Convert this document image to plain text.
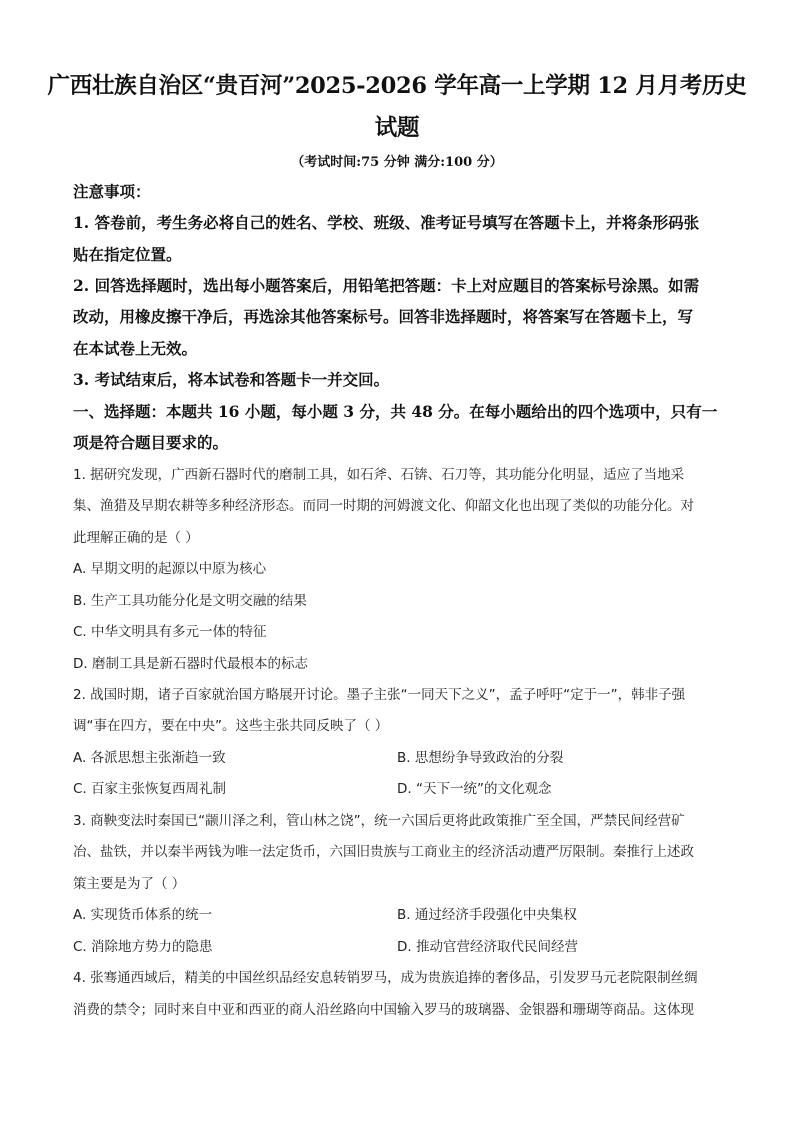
广西壮族自治区“贵百河”2025-2026 学年高一上学期 12 月月考历史
试题
（考试时间:75 分钟 满分:100 分）
注意事项：
1. 答卷前，考生务必将自己的姓名、学校、班级、准考证号填写在答题卡上，并将条形码张
贴在指定位置。
2. 回答选择题时，选出每小题答案后，用铅笔把答题：卡上对应题目的答案标号涂黑。如需
改动，用橡皮擦干净后，再选涂其他答案标号。回答非选择题时，将答案写在答题卡上，写
在本试卷上无效。
3. 考试结束后，将本试卷和答题卡一并交回。
一、选择题：本题共 16 小题，每小题 3 分，共 48 分。在每小题给出的四个选项中，只有一
项是符合题目要求的。
1. 据研究发现，广西新石器时代的磨制工具，如石斧、石锛、石刀等，其功能分化明显，适应了当地采
集、渔猎及早期农耕等多种经济形态。而同一时期的河姆渡文化、仰韶文化也出现了类似的功能分化。对
此理解正确的是（ ）
A. 早期文明的起源以中原为核心
B. 生产工具功能分化是文明交融的结果
C. 中华文明具有多元一体的特征
D. 磨制工具是新石器时代最根本的标志
2. 战国时期，诸子百家就治国方略展开讨论。墨子主张“一同天下之义”，孟子呼吁“定于一”，韩非子强
调“事在四方，要在中央”。这些主张共同反映了（ ）
A. 各派思想主张渐趋一致	B. 思想纷争导致政治的分裂
C. 百家主张恢复西周礼制	D. “天下一统”的文化观念
3. 商鞅变法时秦国已“颛川泽之利，管山林之饶”，统一六国后更将此政策推广至全国，严禁民间经营矿
冶、盐铁，并以秦半两钱为唯一法定货币，六国旧贵族与工商业主的经济活动遭严厉限制。秦推行上述政
策主要是为了（ ）
A. 实现货币体系的统一	B. 通过经济手段强化中央集权
C. 消除地方势力的隐患	D. 推动官营经济取代民间经营
4. 张骞通西域后，精美的中国丝织品经安息转销罗马，成为贵族追捧的奢侈品，引发罗马元老院限制丝绸
消费的禁令；同时来自中亚和西亚的商人沿丝路向中国输入罗马的玻璃器、金银器和珊瑚等商品。这体现
